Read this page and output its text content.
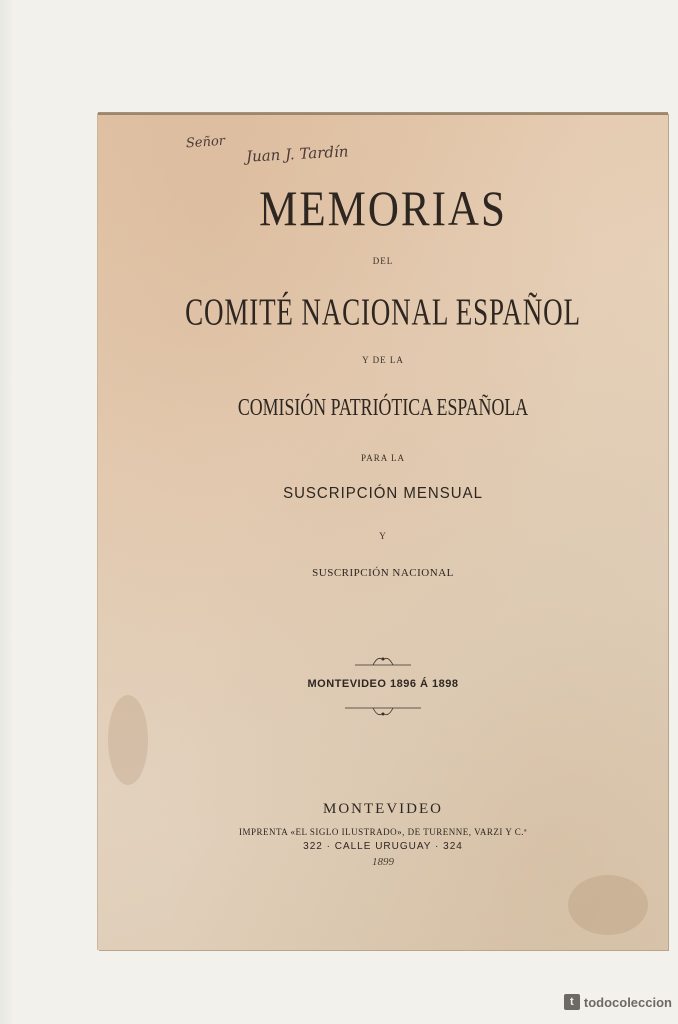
Señor Juan J. Tardín
MEMORIAS
DEL
COMITÉ NACIONAL ESPAÑOL
Y DE LA
COMISIÓN PATRIÓTICA ESPAÑOLA
PARA LA
SUSCRIPCIÓN MENSUAL
Y
SUSCRIPCIÓN NACIONAL
MONTEVIDEO 1896 Á 1898
MONTEVIDEO
IMPRENTA «EL SIGLO ILUSTRADO», DE TURENNE, VARZI Y C.ª
322 · CALLE URUGUAY · 324
1899
t todocoleccion
